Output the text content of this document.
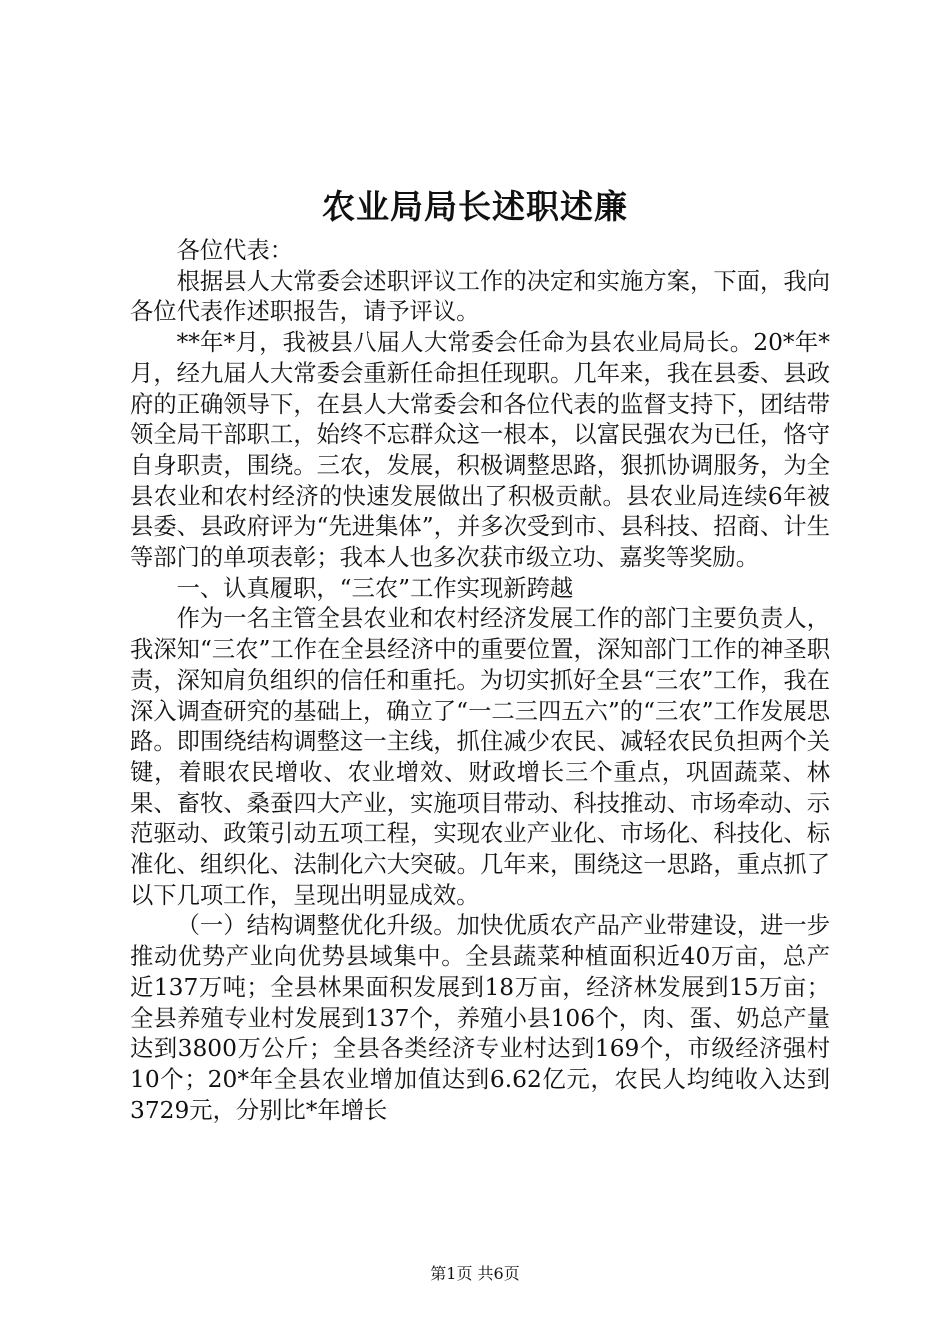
农业局局长述职述廉

各位代表：

根据县人大常委会述职评议工作的决定和实施方案，下面，我向各位代表作述职报告，请予评议。

**年*月，我被县八届人大常委会任命为县农业局局长。20*年*月，经九届人大常委会重新任命担任现职。几年来，我在县委、县政府的正确领导下，在县人大常委会和各位代表的监督支持下，团结带领全局干部职工，始终不忘群众这一根本，以富民强农为已任，恪守自身职责，围绕。三农，发展，积极调整思路，狠抓协调服务，为全县农业和农村经济的快速发展做出了积极贡献。县农业局连续6年被县委、县政府评为“先进集体”，并多次受到市、县科技、招商、计生等部门的单项表彰；我本人也多次获市级立功、嘉奖等奖励。

一、认真履职，“三农”工作实现新跨越

作为一名主管全县农业和农村经济发展工作的部门主要负责人，我深知“三农”工作在全县经济中的重要位置，深知部门工作的神圣职责，深知肩负组织的信任和重托。为切实抓好全县“三农”工作，我在深入调查研究的基础上，确立了“一二三四五六”的“三农”工作发展思路。即围绕结构调整这一主线，抓住减少农民、减轻农民负担两个关键，着眼农民增收、农业增效、财政增长三个重点，巩固蔬菜、林果、畜牧、桑蚕四大产业，实施项目带动、科技推动、市场牵动、示范驱动、政策引动五项工程，实现农业产业化、市场化、科技化、标准化、组织化、法制化六大突破。几年来，围绕这一思路，重点抓了以下几项工作，呈现出明显成效。

（一）结构调整优化升级。加快优质农产品产业带建设，进一步推动优势产业向优势县域集中。全县蔬菜种植面积近40万亩，总产近137万吨；全县林果面积发展到18万亩，经济林发展到15万亩；全县养殖专业村发展到137个，养殖小县106个，肉、蛋、奶总产量达到3800万公斤；全县各类经济专业村达到169个，市级经济强村10个；20*年全县农业增加值达到6.62亿元，农民人均纯收入达到3729元，分别比*年增长

第1页 共6页
